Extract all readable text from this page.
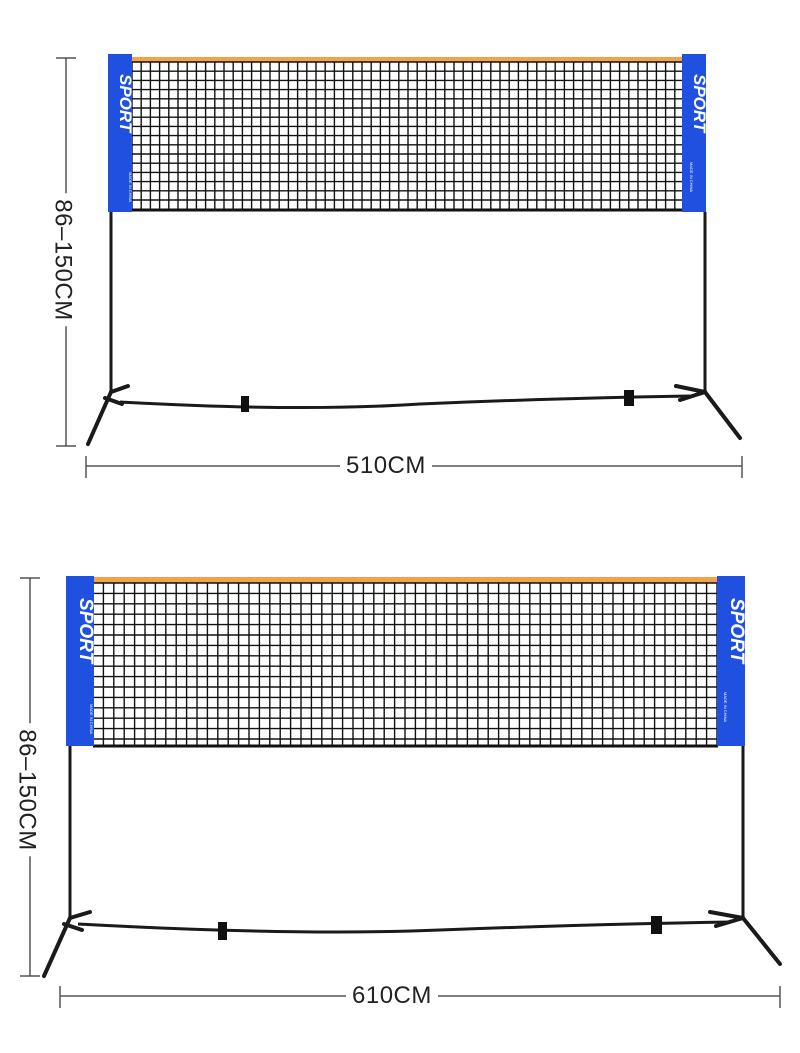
SPORT	SPORT
MADE IN CHINA	MADE IN CHINA
86–150CM
510CM
SPORT	SPORT
MADE IN CHINA	MADE IN CHINA
86–150CM
610CM
